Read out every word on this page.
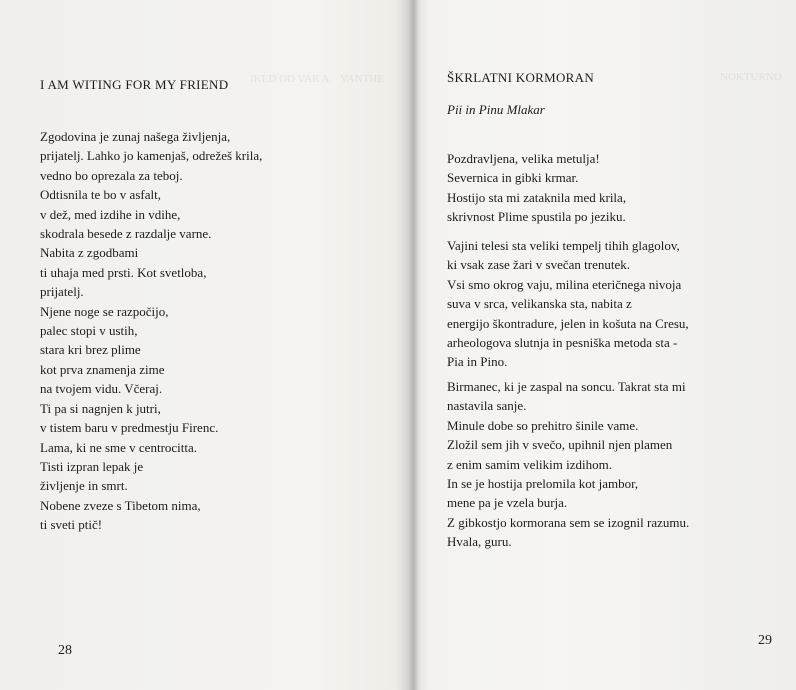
IKED OD VAR A.   VANTHE
I AM WITING FOR MY FRIEND
Zgodovina je zunaj našega življenja,
prijatelj. Lahko jo kamenjaš, odrežeš krila,
vedno bo oprezala za teboj.
Odtisnila te bo v asfalt,
v dež, med izdihe in vdihe,
skodrala besede z razdalje varne.
Nabita z zgodbami
ti uhaja med prsti. Kot svetloba,
prijatelj.
Njene noge se razpočijo,
palec stopi v ustih,
stara kri brez plime
kot prva znamenja zime
na tvojem vidu. Včeraj.
Ti pa si nagnjen k jutri,
v tistem baru v predmestju Firenc.
Lama, ki ne sme v centrocitta.
Tisti izpran lepak je
življenje in smrt.
Nobene zveze s Tibetom nima,
ti sveti ptič!
28
NOKTURNO
ŠKRLATNI KORMORAN
Pii in Pinu Mlakar
Pozdravljena, velika metulja!
Severnica in gibki krmar.
Hostijo sta mi zataknila med krila,
skrivnost Plime spustila po jeziku.
Vajini telesi sta veliki tempelj tihih glagolov,
ki vsak zase žari v svečan trenutek.
Vsi smo okrog vaju, milina eteričnega nivoja
suva v srca, velikanska sta, nabita z
energijo škontradure, jelen in košuta na Cresu,
arheologova slutnja in pesniška metoda sta -
Pia in Pino.
Birmanec, ki je zaspal na soncu. Takrat sta mi
nastavila sanje.
Minule dobe so prehitro šinile vame.
Zložil sem jih v svečo, upihnil njen plamen
z enim samim velikim izdihom.
In se je hostija prelomila kot jambor,
mene pa je vzela burja.
Z gibkostjo kormorana sem se izognil razumu.
Hvala, guru.
29
